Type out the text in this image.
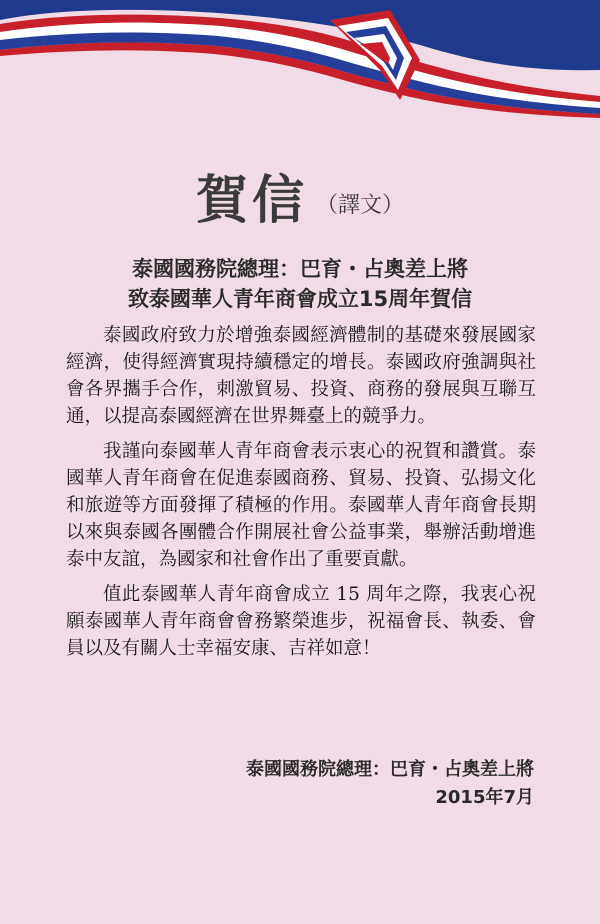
賀信 （譯文）
泰國國務院總理：巴育・占奧差上將
致泰國華人青年商會成立15周年賀信

泰國政府致力於增強泰國經濟體制的基礎來發展國家經濟，使得經濟實現持續穩定的增長。泰國政府強調與社會各界攜手合作，刺激貿易、投資、商務的發展與互聯互通，以提高泰國經濟在世界舞臺上的競爭力。

我謹向泰國華人青年商會表示衷心的祝賀和讚賞。泰國華人青年商會在促進泰國商務、貿易、投資、弘揚文化和旅遊等方面發揮了積極的作用。泰國華人青年商會長期以來與泰國各團體合作開展社會公益事業，舉辦活動增進泰中友誼，為國家和社會作出了重要貢獻。

值此泰國華人青年商會成立 15 周年之際，我衷心祝願泰國華人青年商會會務繁榮進步，祝福會長、執委、會員以及有關人士幸福安康、吉祥如意！

泰國國務院總理：巴育・占奧差上將
2015年7月
